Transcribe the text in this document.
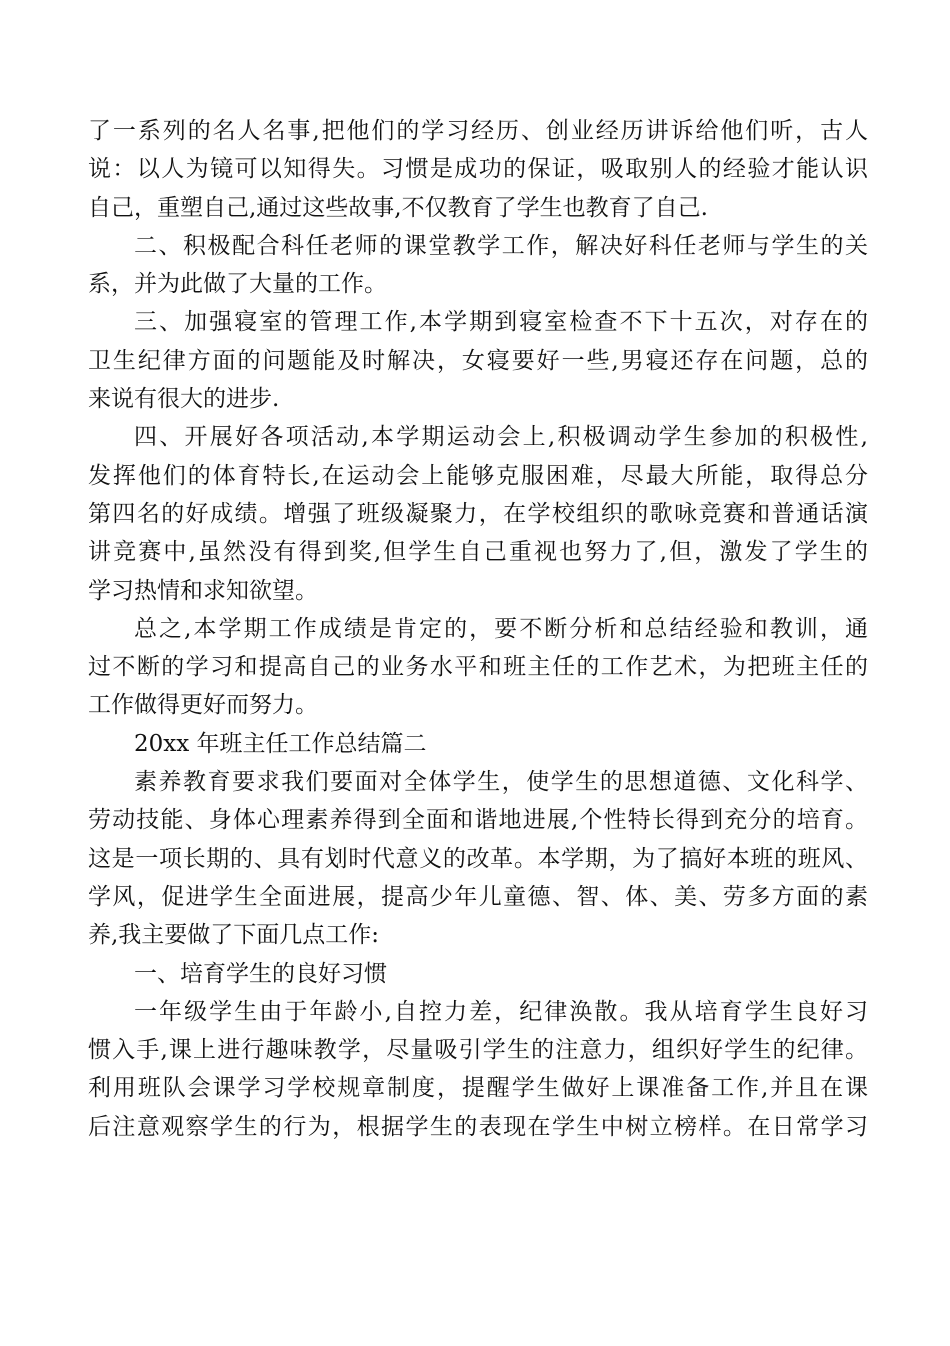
了一系列的名人名事,把他们的学习经历、创业经历讲诉给他们听，古人
说：以人为镜可以知得失。习惯是成功的保证，吸取别人的经验才能认识
自己，重塑自己,通过这些故事,不仅教育了学生也教育了自己.
二、积极配合科任老师的课堂教学工作，解决好科任老师与学生的关
系，并为此做了大量的工作。
三、加强寝室的管理工作,本学期到寝室检查不下十五次，对存在的
卫生纪律方面的问题能及时解决，女寝要好一些,男寝还存在问题，总的
来说有很大的进步.
四、开展好各项活动,本学期运动会上,积极调动学生参加的积极性,
发挥他们的体育特长,在运动会上能够克服困难，尽最大所能，取得总分
第四名的好成绩。增强了班级凝聚力，在学校组织的歌咏竞赛和普通话演
讲竞赛中,虽然没有得到奖,但学生自己重视也努力了,但，激发了学生的
学习热情和求知欲望。
总之,本学期工作成绩是肯定的，要不断分析和总结经验和教训，通
过不断的学习和提高自己的业务水平和班主任的工作艺术，为把班主任的
工作做得更好而努力。
20xx 年班主任工作总结篇二
素养教育要求我们要面对全体学生，使学生的思想道德、文化科学、
劳动技能、身体心理素养得到全面和谐地进展,个性特长得到充分的培育。
这是一项长期的、具有划时代意义的改革。本学期，为了搞好本班的班风、
学风，促进学生全面进展，提高少年儿童德、智、体、美、劳多方面的素
养,我主要做了下面几点工作:
一、培育学生的良好习惯
一年级学生由于年龄小,自控力差，纪律涣散。我从培育学生良好习
惯入手,课上进行趣味教学，尽量吸引学生的注意力，组织好学生的纪律。
利用班队会课学习学校规章制度，提醒学生做好上课准备工作,并且在课
后注意观察学生的行为，根据学生的表现在学生中树立榜样。在日常学习
